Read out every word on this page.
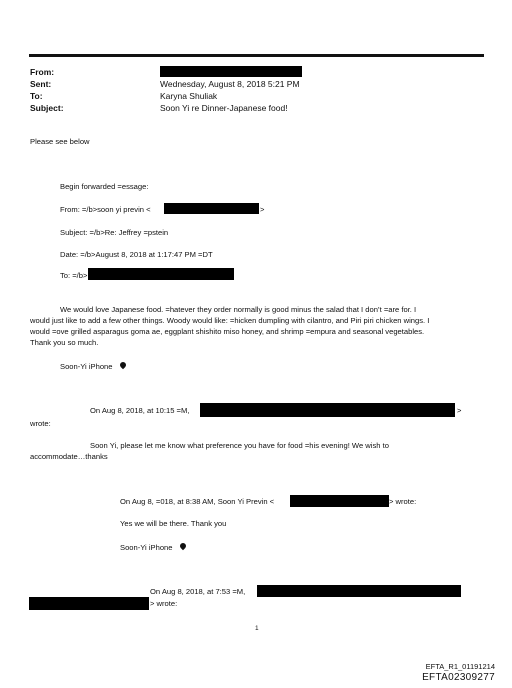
From:
Sent:	Wednesday, August 8, 2018 5:21 PM
To:	Karyna Shuliak
Subject:	Soon Yi re Dinner-Japanese food!
Please see below
Begin forwarded =essage:
From: =/b>soon yi previn <	>
Subject: =/b>Re: Jeffrey =pstein
Date: =/b>August 8, 2018 at 1:17:47 PM =DT
To: =/b>
We would love Japanese food. =hatever they order normally is good minus the salad that I don’t =are for. I
would just like to add a few other things. Woody would like: =hicken dumpling with cilantro, and Piri piri chicken wings. I
would =ove grilled asparagus goma ae, eggplant shishito miso honey, and shrimp =empura and seasonal vegetables.
Thank you so much.
Soon-Yi iPhone
On Aug 8, 2018, at 10:15 =M,	>
wrote:
Soon Yi, please let me know what preference you have for food =his evening! We wish to
accommodate…thanks
On Aug 8, =018, at 8:38 AM, Soon Yi Previn <	> wrote:
Yes we will be there. Thank you
Soon-Yi iPhone
On Aug 8, 2018, at 7:53 =M,
> wrote:
1
EFTA_R1_01191214
EFTA02309277
